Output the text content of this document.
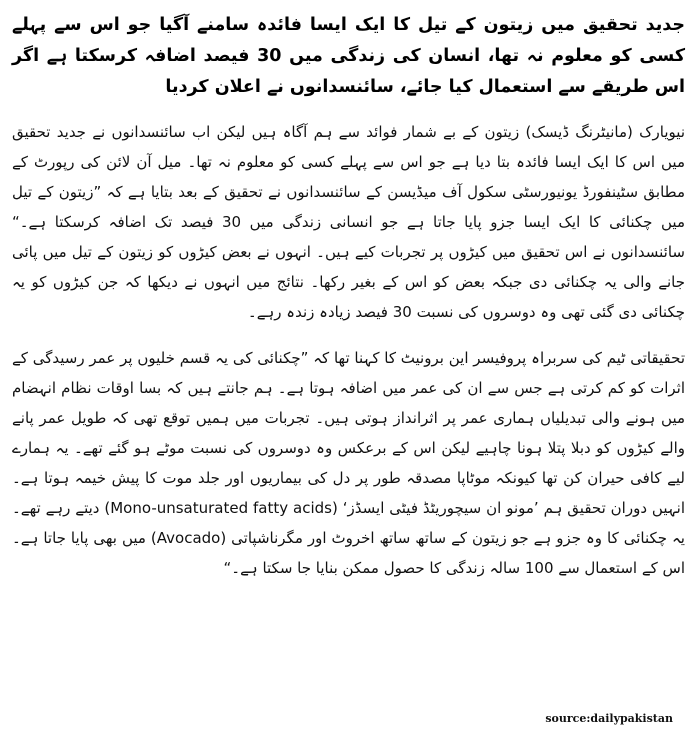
جدید تحقیق میں زیتون کے تیل کا ایک ایسا فائدہ سامنے آگیا جو اس سے پہلے کسی کو معلوم نہ تھا، انسان کی زندگی میں 30 فیصد اضافہ کرسکتا ہے اگر اس طریقے سے استعمال کیا جائے، سائنسدانوں نے اعلان کردیا
نیویارک (مانیٹرنگ ڈیسک) زیتون کے بے شمار فوائد سے ہم آگاہ ہیں لیکن اب سائنسدانوں نے جدید تحقیق میں اس کا ایک ایسا فائدہ بتا دیا ہے جو اس سے پہلے کسی کو معلوم نہ تھا۔ میل آن لائن کی رپورٹ کے مطابق سٹینفورڈ یونیورسٹی سکول آف میڈیسن کے سائنسدانوں نے تحقیق کے بعد بتایا ہے کہ ”زیتون کے تیل میں چکنائی کا ایک ایسا جزو پایا جاتا ہے جو انسانی زندگی میں 30 فیصد تک اضافہ کرسکتا ہے۔“ سائنسدانوں نے اس تحقیق میں کیڑوں پر تجربات کیے ہیں۔ انہوں نے بعض کیڑوں کو زیتون کے تیل میں پائی جانے والی یہ چکنائی دی جبکہ بعض کو اس کے بغیر رکھا۔ نتائج میں انہوں نے دیکھا کہ جن کیڑوں کو یہ چکنائی دی گئی تھی وہ دوسروں کی نسبت 30 فیصد زیادہ زندہ رہے۔
تحقیقاتی ٹیم کی سربراہ پروفیسر این برونیٹ کا کہنا تھا کہ ”چکنائی کی یہ قسم خلیوں پر عمر رسیدگی کے اثرات کو کم کرتی ہے جس سے ان کی عمر میں اضافہ ہوتا ہے۔ ہم جانتے ہیں کہ بسا اوقات نظام انہضام میں ہونے والی تبدیلیاں ہماری عمر پر اثرانداز ہوتی ہیں۔ تجربات میں ہمیں توقع تھی کہ طویل عمر پانے والے کیڑوں کو دبلا پتلا ہونا چاہیے لیکن اس کے برعکس وہ دوسروں کی نسبت موٹے ہو گئے تھے۔ یہ ہمارے لیے کافی حیران کن تھا کیونکہ موٹاپا مصدقہ طور پر دل کی بیماریوں اور جلد موت کا پیش خیمہ ہوتا ہے۔ انہیں دوران تحقیق ہم ’مونو ان سیچوریٹڈ فیٹی ایسڈز‘ (Mono-unsaturated fatty acids) دیتے رہے تھے۔ یہ چکنائی کا وہ جزو ہے جو زیتون کے ساتھ ساتھ اخروٹ اور مگرناشپاتی (Avocado) میں بھی پایا جاتا ہے۔ اس کے استعمال سے 100 سالہ زندگی کا حصول ممکن بنایا جا سکتا ہے۔“
source:dailypakistan
